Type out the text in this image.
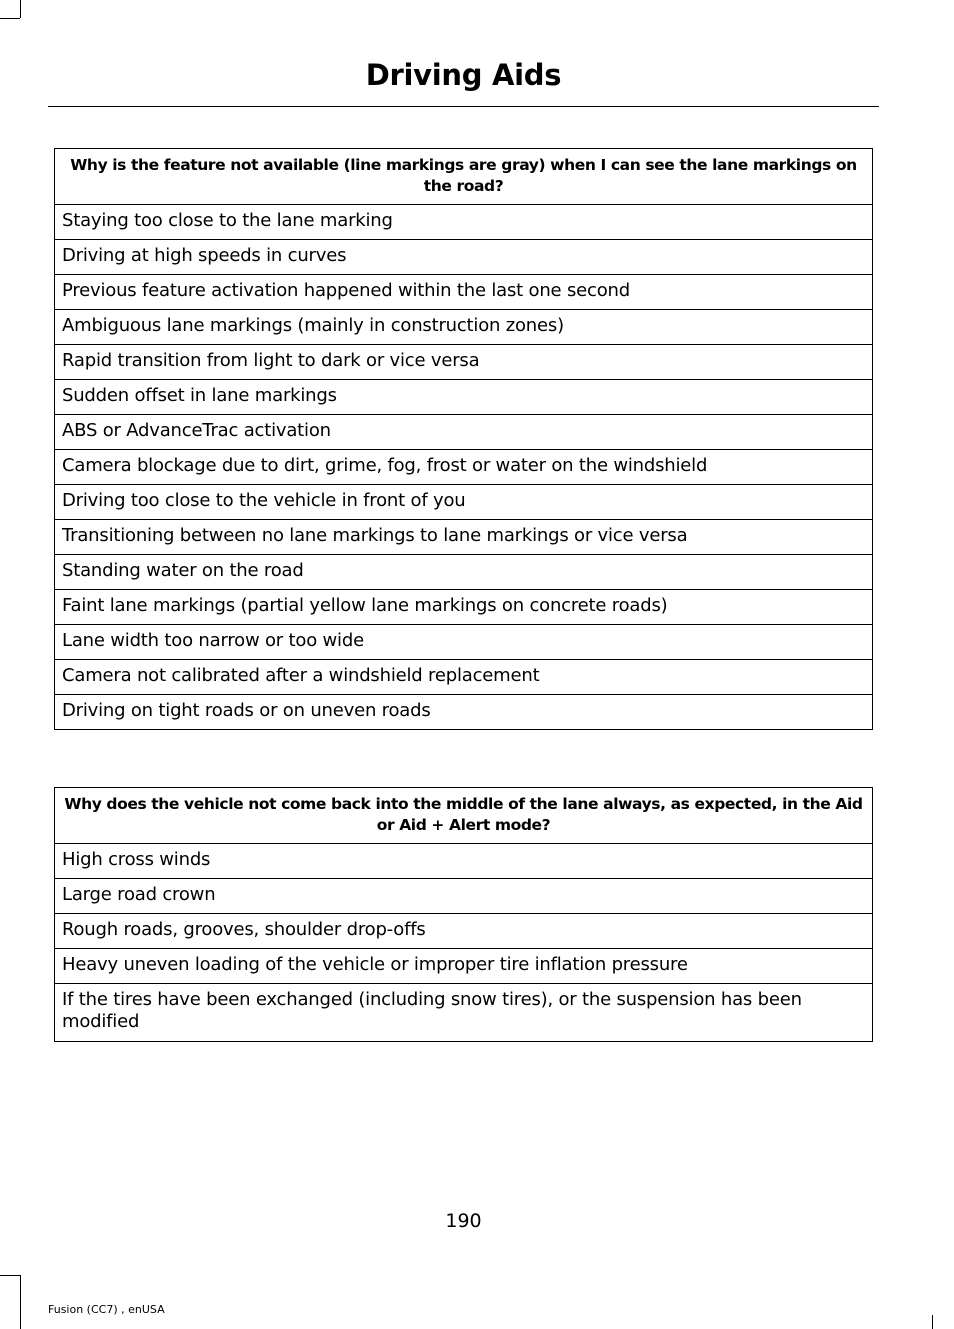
Driving Aids
Why is the feature not available (line markings are gray) when I can see the lane markings on the road?
Staying too close to the lane marking
Driving at high speeds in curves
Previous feature activation happened within the last one second
Ambiguous lane markings (mainly in construction zones)
Rapid transition from light to dark or vice versa
Sudden offset in lane markings
ABS or AdvanceTrac activation
Camera blockage due to dirt, grime, fog, frost or water on the windshield
Driving too close to the vehicle in front of you
Transitioning between no lane markings to lane markings or vice versa
Standing water on the road
Faint lane markings (partial yellow lane markings on concrete roads)
Lane width too narrow or too wide
Camera not calibrated after a windshield replacement
Driving on tight roads or on uneven roads
Why does the vehicle not come back into the middle of the lane always, as expected, in the Aid or Aid + Alert mode?
High cross winds
Large road crown
Rough roads, grooves, shoulder drop-offs
Heavy uneven loading of the vehicle or improper tire inflation pressure
If the tires have been exchanged (including snow tires), or the suspension has been modified
190
Fusion (CC7) , enUSA
